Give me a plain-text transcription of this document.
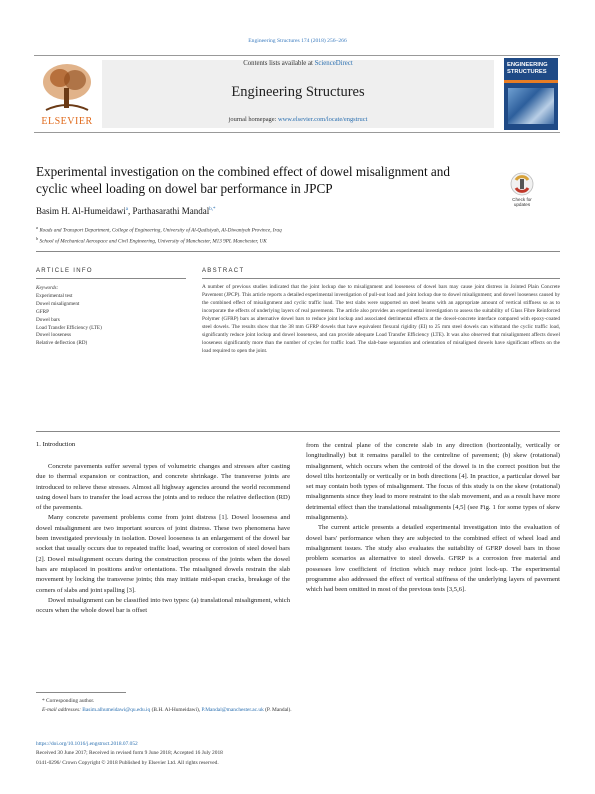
Engineering Structures 174 (2018) 256–266
ELSEVIER
Contents lists available at ScienceDirect
Engineering Structures
journal homepage: www.elsevier.com/locate/engstruct
ENGINEERING
STRUCTURES
Experimental investigation on the combined effect of dowel misalignment and cyclic wheel loading on dowel bar performance in JPCP
Check for
updates
Basim H. Al-Humeidawi$^a$, Parthasarathi Mandal$^{b,*}$
$^a$ Roads and Transport Department, College of Engineering, University of Al-Qadisiyah, Al-Diwaniyah Province, Iraq
$^b$ School of Mechanical Aerospace and Civil Engineering, University of Manchester, M13 9PL Manchester, UK
ARTICLE INFO	ABSTRACT
Keywords:
Experimental test
Dowel misalignment
GFRP
Dowel bars
Load Transfer Efficiency (LTE)
Dowel looseness
Relative deflection (RD)
A number of previous studies indicated that the joint lockup due to misalignment and looseness of dowel bars may cause joint distress in Jointed Plain Concrete Pavement (JPCP). This article reports a detailed experimental investigation of pull-out load and joint lockup due to dowel misalignment; and dowel looseness caused by the combined effect of misalignment and cyclic traffic load. The test slabs were supported on steel beams with an appropriate amount of vertical stiffness so as to incorporate the effects of underlying layers of real pavements. The article also provides an experimental investigation to assess the suitability of Glass Fibre Reinforced Polymer (GFRP) bars as alternative dowel bars to reduce joint lockup and associated detrimental effects at the dowel-concrete interface compared with epoxy-coated steel dowels. The results show that the 38 mm GFRP dowels that have equivalent flexural rigidity (EI) to 25 mm steel dowels can withstand the cyclic traffic load, significantly reduce joint lockup and dowel looseness, and can provide adequate Load Transfer Efficiency (LTE). It was also observed that misalignment affects dowel looseness significantly more than the number of cycles for traffic load. The slab-base separation and orientation of misaligned dowels have significant effects on the load required to open the joint.
1. Introduction

Concrete pavements suffer several types of volumetric changes and stresses after casting due to thermal expansion or contraction, and concrete shrinkage. The transverse joints are introduced to relieve these stresses. Almost all highway agencies around the world recommend using dowel bars to transfer the load across the joints and to reduce the relative deflection (RD) of the pavements.

Many concrete pavement problems come from joint distress [1]. Dowel looseness and dowel misalignment are two important sources of joint distress. These two phenomena have been investigated previously in isolation. Dowel looseness is an enlargement of the dowel bar socket that usually occurs due to repeated traffic load, wearing or corrosion of steel dowel bars [2]. Dowel misalignment occurs during the construction process of the joints when the dowel bars are misplaced in positions and/or orientations. The misaligned dowels restrain the slab movement by locking the transverse joints; this may initiate mid-span cracks, breakage of the corners of slabs and joint spalling [3].

Dowel misalignment can be classified into two types: (a) translational misalignment, which occurs when the whole dowel bar is offset

from the central plane of the concrete slab in any direction (horizontally, vertically or longitudinally) but it remains parallel to the centreline of pavement; (b) skew (rotational) misalignment, which occurs when the centroid of the dowel is in the correct position but the dowel tilts horizontally or vertically or in both directions [4]. In practice, a particular dowel bar set may contain both types of misalignment. The focus of this study is on the skew (rotational) misalignments since they lead to more restraint to the slab movement, and as a result have more detrimental effect than the translational misalignments [4,5] (see Fig. 1 for some types of skew misalignments).

The current article presents a detailed experimental investigation into the evaluation of dowel bars' performance when they are subjected to the combined effect of wheel load and misalignment issues. The study also evaluates the suitability of GFRP dowel bars in those problem scenarios as alternative to steel dowels. GFRP is a corrosion free material and possesses low coefficient of friction which may reduce joint lock-up. The experimental programme also addressed the effect of vertical stiffness of the underlying layers of pavement which had been omitted in most of the previous tests [3,5,6].

* Corresponding author.
E-mail addresses: Basim.alhumeidawi@qu.edu.iq (B.H. Al-Humeidawi), P.Mandal@manchester.ac.uk (P. Mandal).
https://doi.org/10.1016/j.engstruct.2018.07.052
Received 30 June 2017; Received in revised form 9 June 2018; Accepted 16 July 2018
0141-0296/ Crown Copyright © 2018 Published by Elsevier Ltd. All rights reserved.
